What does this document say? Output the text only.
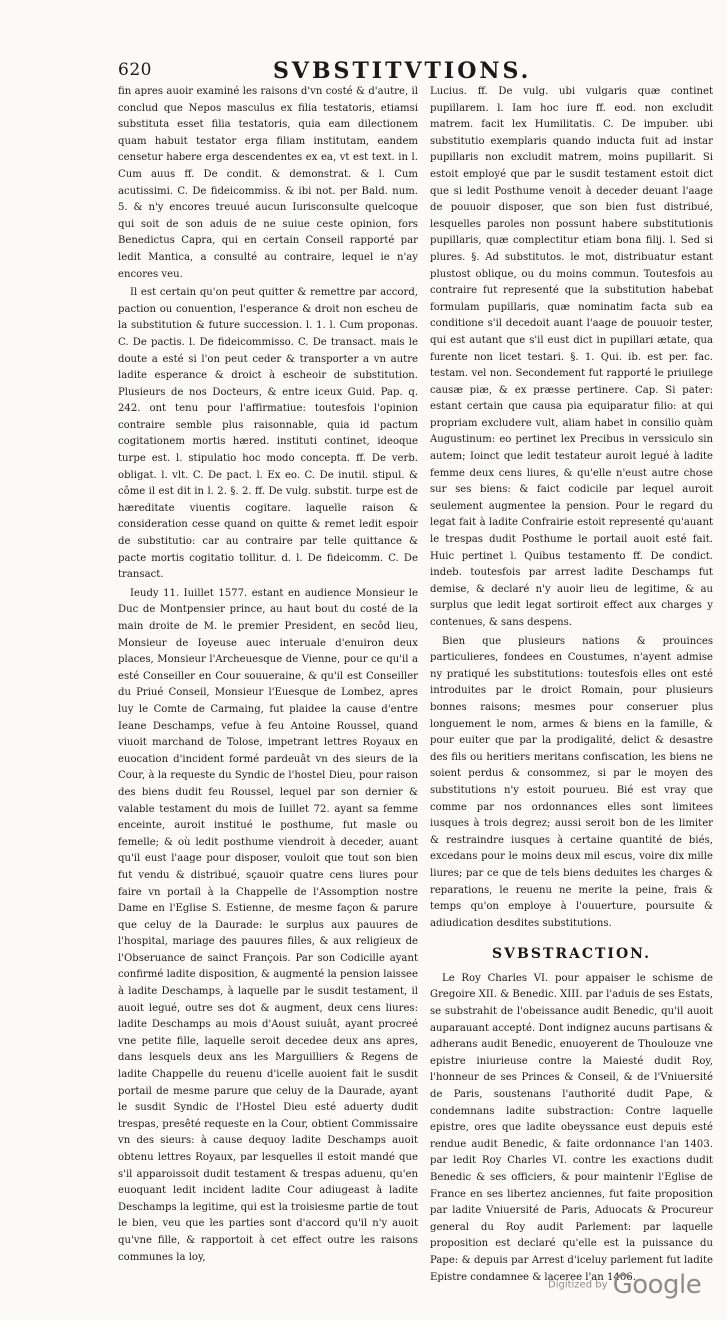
620	SVBSTITVTIONS.

fin apres auoir examiné les raisons d'vn costé & d'autre, il conclud que Nepos masculus ex filia testatoris, etiamsi substituta esset filia testatoris, quia eam dilectionem quam habuit testator erga filiam institutam, eandem censetur habere erga descendentes ex ea, vt est text. in l. Cum auus ff. De condit. & demonstrat. & l. Cum acutissimi. C. De fideicommiss. & ibi not. per Bald. num. 5. & n'y encores treuué aucun Iurisconsulte quelcoque qui soit de son aduis de ne suiue ceste opinion, fors Benedictus Capra, qui en certain Conseil rapporté par ledit Mantica, a consulté au contraire, lequel ie n'ay encores veu.

Il est certain qu'on peut quitter & remettre par accord, paction ou conuention, l'esperance & droit non escheu de la substitution & future succession. l. 1. l. Cum proponas. C. De pactis. l. De fideicommisso. C. De transact. mais le doute a esté si l'on peut ceder & transporter a vn autre ladite esperance & droict à escheoir de substitution. Plusieurs de nos Docteurs, & entre iceux Guid. Pap. q. 242. ont tenu pour l'affirmatiue: toutesfois l'opinion contraire semble plus raisonnable, quia id pactum cogitationem mortis hæred. instituti continet, ideoque turpe est. l. stipulatio hoc modo concepta. ff. De verb. obligat. l. vlt. C. De pact. l. Ex eo. C. De inutil. stipul. & côme il est dit in l. 2. §. 2. ff. De vulg. substit. turpe est de hæreditate viuentis cogitare. laquelle raison & consideration cesse quand on quitte & remet ledit espoir de substitutio: car au contraire par telle quittance & pacte mortis cogitatio tollitur. d. l. De fideicomm. C. De transact.

Ieudy 11. Iuillet 1577. estant en audience Monsieur le Duc de Montpensier prince, au haut bout du costé de la main droite de M. le premier President, en secôd lieu, Monsieur de Ioyeuse auec interuale d'enuiron deux places, Monsieur l'Archeuesque de Vienne, pour ce qu'il a esté Conseiller en Cour souueraine, & qu'il est Conseiller du Priué Conseil, Monsieur l'Euesque de Lombez, apres luy le Comte de Carmaing, fut plaidee la cause d'entre Ieane Deschamps, vefue à feu Antoine Roussel, quand viuoit marchand de Tolose, impetrant lettres Royaux en euocation d'incident formé pardeuât vn des sieurs de la Cour, à la requeste du Syndic de l'hostel Dieu, pour raison des biens dudit feu Roussel, lequel par son dernier & valable testament du mois de Iuillet 72. ayant sa femme enceinte, auroit institué le posthume, fut masle ou femelle; & où ledit posthume viendroit à deceder, auant qu'il eust l'aage pour disposer, vouloit que tout son bien fut vendu & distribué, sçauoir quatre cens liures pour faire vn portail à la Chappelle de l'Assomption nostre Dame en l'Eglise S. Estienne, de mesme façon & parure que celuy de la Daurade: le surplus aux pauures de l'hospital, mariage des pauures filles, & aux religieux de l'Obseruance de sainct François. Par son Codicille ayant confirmé ladite disposition, & augmenté la pension laissee à ladite Deschamps, à laquelle par le susdit testament, il auoit legué, outre ses dot & augment, deux cens liures: ladite Deschamps au mois d'Aoust suiuât, ayant procreé vne petite fille, laquelle seroit decedee deux ans apres, dans lesquels deux ans les Marguilliers & Regens de ladite Chappelle du reuenu d'icelle auoient fait le susdit portail de mesme parure que celuy de la Daurade, ayant le susdit Syndic de l'Hostel Dieu esté aduerty dudit trespas, presêté requeste en la Cour, obtient Commissaire vn des sieurs: à cause dequoy ladite Deschamps auoit obtenu lettres Royaux, par lesquelles il estoit mandé que s'il apparoissoit dudit testament & trespas aduenu, qu'en euoquant ledit incident ladite Cour adiugeast à ladite Deschamps la legitime, qui est la troisiesme partie de tout le bien, veu que les parties sont d'accord qu'il n'y auoit qu'vne fille, & rapportoit à cet effect outre les raisons communes la loy,

Lucius. ff. De vulg. ubi vulgaris quæ continet pupillarem. l. Iam hoc iure ff. eod. non excludit matrem. facit lex Humilitatis. C. De impuber. ubi substitutio exemplaris quando inducta fuit ad instar pupillaris non excludit matrem, moins pupillarit. Si estoit employé que par le susdit testament estoit dict que si ledit Posthume venoit à deceder deuant l'aage de pouuoir disposer, que son bien fust distribué, lesquelles paroles non possunt habere substitutionis pupillaris, quæ complectitur etiam bona filij. l. Sed si plures. §. Ad substitutos. le mot, distribuatur estant plustost oblique, ou du moins commun. Toutesfois au contraire fut representé que la substitution habebat formulam pupillaris, quæ nominatim facta sub ea conditione s'il decedoit auant l'aage de pouuoir tester, qui est autant que s'il eust dict in pupillari ætate, qua furente non licet testari. §. 1. Qui. ib. est per. fac. testam. vel non. Secondement fut rapporté le priuilege causæ piæ, & ex præsse pertinere. Cap. Si pater: estant certain que causa pia equiparatur filio: at qui propriam excludere vult, aliam habet in consilio quàm Augustinum: eo pertinet lex Precibus in verssiculo sin autem; Ioinct que ledit testateur auroit legué à ladite femme deux cens liures, & qu'elle n'eust autre chose sur ses biens: & faict codicile par lequel auroit seulement augmentee la pension. Pour le regard du legat fait à ladite Confrairie estoit representé qu'auant le trespas dudit Posthume le portail auoit esté fait. Huic pertinet l. Quibus testamento ff. De condict. indeb. toutesfois par arrest ladite Deschamps fut demise, & declaré n'y auoir lieu de legitime, & au surplus que ledit legat sortiroit effect aux charges y contenues, & sans despens.

Bien que plusieurs nations & prouinces particulieres, fondees en Coustumes, n'ayent admise ny pratiqué les substitutions: toutesfois elles ont esté introduites par le droict Romain, pour plusieurs bonnes raisons; mesmes pour conseruer plus longuement le nom, armes & biens en la famille, & pour euiter que par la prodigalité, delict & desastre des fils ou heritiers meritans confiscation, les biens ne soient perdus & consommez, si par le moyen des substitutions n'y estoit pourueu. Bié est vray que comme par nos ordonnances elles sont limitees iusques à trois degrez; aussi seroit bon de les limiter & restraindre iusques à certaine quantité de biés, excedans pour le moins deux mil escus, voire dix mille liures; par ce que de tels biens deduites les charges & reparations, le reuenu ne merite la peine, frais & temps qu'on employe à l'ouuerture, poursuite & adiudication desdites substitutions.

SVBSTRACTION.

Le Roy Charles VI. pour appaiser le schisme de Gregoire XII. & Benedic. XIII. par l'aduis de ses Estats, se substrahit de l'obeissance audit Benedic, qu'il auoit auparauant accepté. Dont indignez aucuns partisans & adherans audit Benedic, enuoyerent de Thoulouze vne epistre iniurieuse contre la Maiesté dudit Roy, l'honneur de ses Princes & Conseil, & de l'Vniuersité de Paris, soustenans l'authorité dudit Pape, & condemnans ladite substraction: Contre laquelle epistre, ores que ladite obeyssance eust depuis esté rendue audit Benedic, & faite ordonnance l'an 1403. par ledit Roy Charles VI. contre les exactions dudit Benedic & ses officiers, & pour maintenir l'Eglise de France en ses libertez anciennes, fut faite proposition par ladite Vniuersité de Paris, Aduocats & Procureur general du Roy audit Parlement: par laquelle proposition est declaré qu'elle est la puissance du Pape: & depuis par Arrest d'iceluy parlement fut ladite Epistre condamnee & laceree l'an 1406.

Digitized by Google
